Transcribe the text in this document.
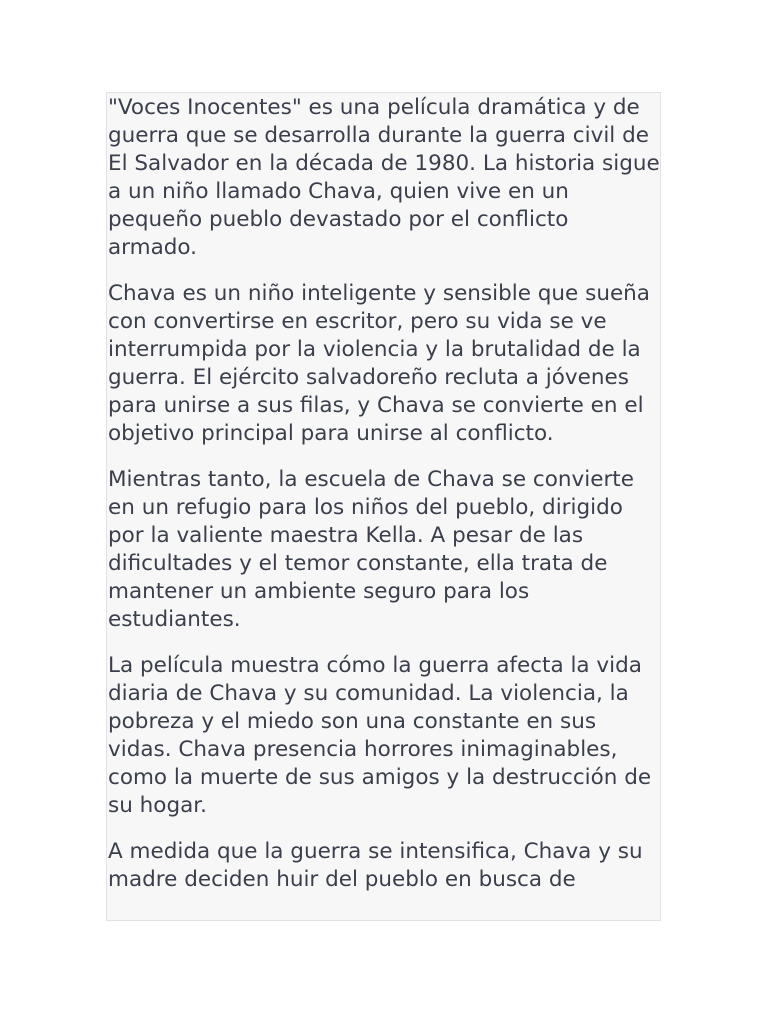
"Voces Inocentes" es una película dramática y de guerra que se desarrolla durante la guerra civil de El Salvador en la década de 1980. La historia sigue a un niño llamado Chava, quien vive en un pequeño pueblo devastado por el conflicto armado.

Chava es un niño inteligente y sensible que sueña con convertirse en escritor, pero su vida se ve interrumpida por la violencia y la brutalidad de la guerra. El ejército salvadoreño recluta a jóvenes para unirse a sus filas, y Chava se convierte en el objetivo principal para unirse al conflicto.

Mientras tanto, la escuela de Chava se convierte en un refugio para los niños del pueblo, dirigido por la valiente maestra Kella. A pesar de las dificultades y el temor constante, ella trata de mantener un ambiente seguro para los estudiantes.

La película muestra cómo la guerra afecta la vida diaria de Chava y su comunidad. La violencia, la pobreza y el miedo son una constante en sus vidas. Chava presencia horrores inimaginables, como la muerte de sus amigos y la destrucción de su hogar.

A medida que la guerra se intensifica, Chava y su madre deciden huir del pueblo en busca de
